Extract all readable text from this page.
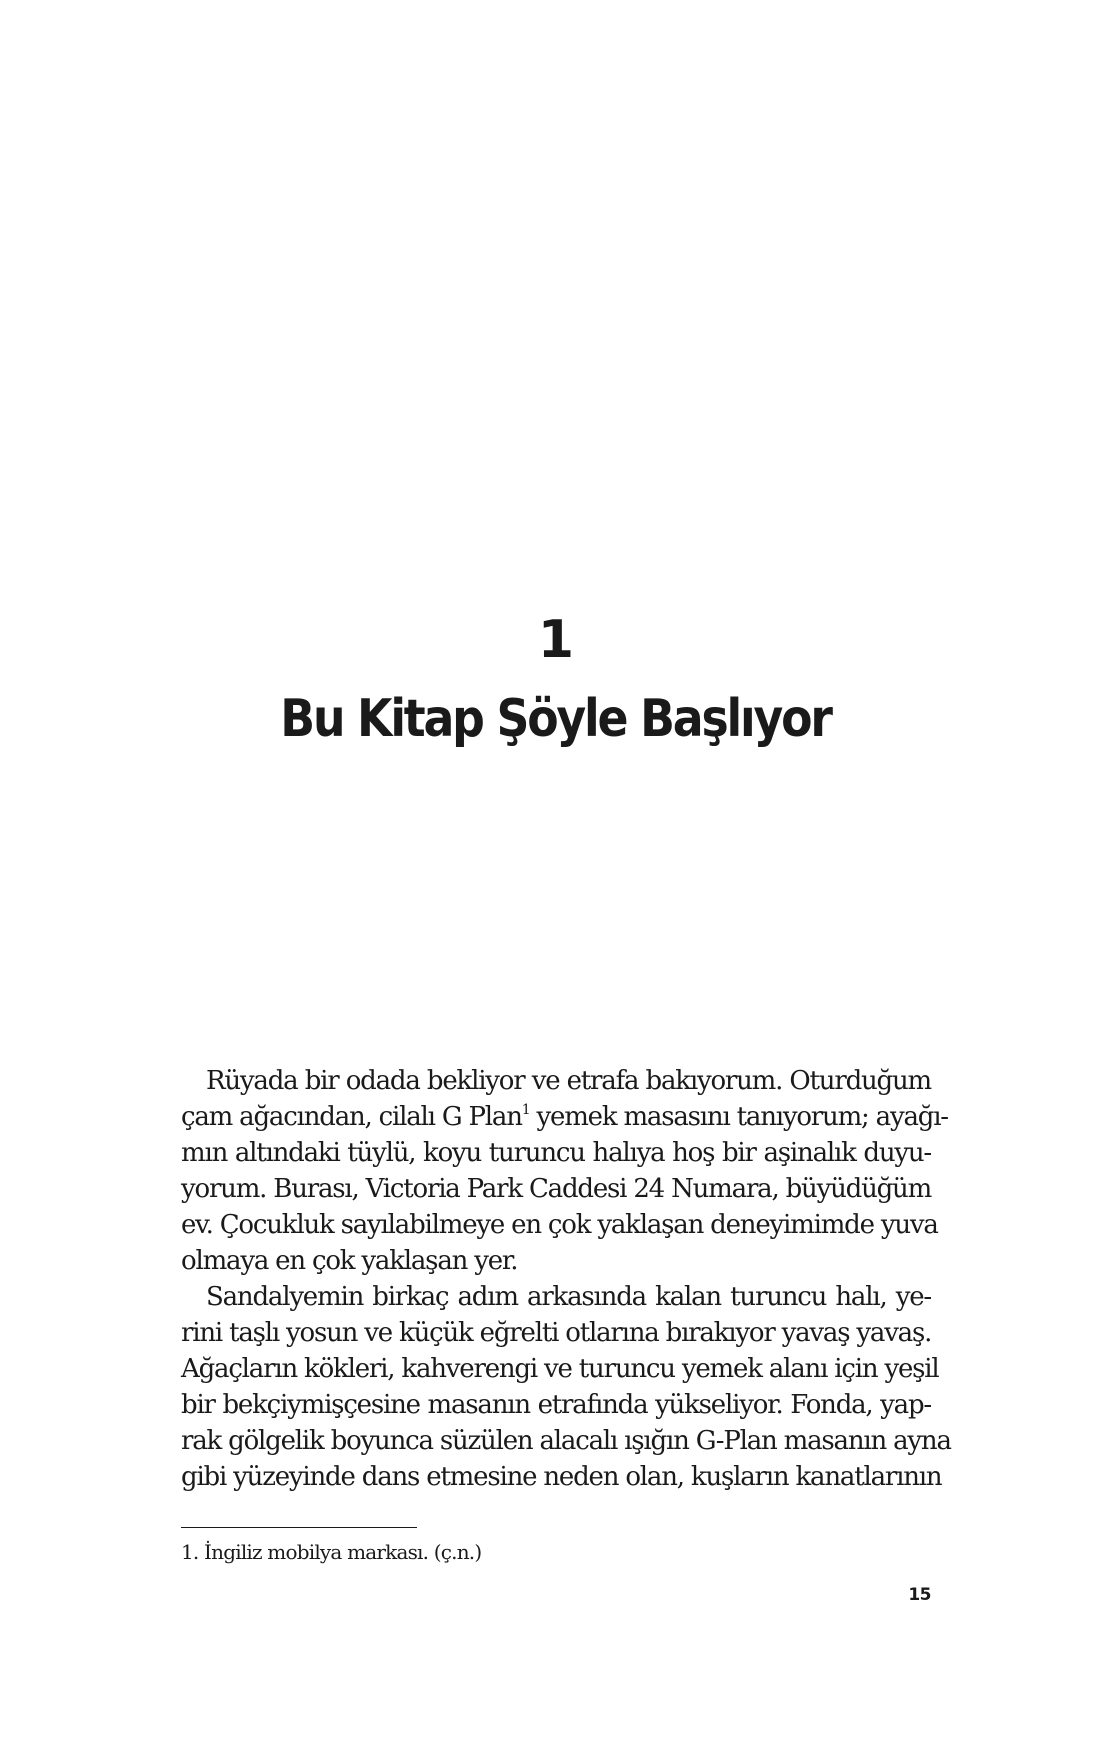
1
Bu Kitap Şöyle Başlıyor
Rüyada bir odada bekliyor ve etrafa bakıyorum. Oturduğum
çam ağacından, cilalı G Plan$^1$ yemek masasını tanıyorum; ayağı-
mın altındaki tüylü, koyu turuncu halıya hoş bir aşinalık duyu-
yorum. Burası, Victoria Park Caddesi 24 Numara, büyüdüğüm
ev. Çocukluk sayılabilmeye en çok yaklaşan deneyimimde yuva
olmaya en çok yaklaşan yer.
Sandalyemin birkaç adım arkasında kalan turuncu halı, ye-
rini taşlı yosun ve küçük eğrelti otlarına bırakıyor yavaş yavaş.
Ağaçların kökleri, kahverengi ve turuncu yemek alanı için yeşil
bir bekçiymişçesine masanın etrafında yükseliyor. Fonda, yap-
rak gölgelik boyunca süzülen alacalı ışığın G-Plan masanın ayna
gibi yüzeyinde dans etmesine neden olan, kuşların kanatlarının
1. İngiliz mobilya markası. (ç.n.)
15
